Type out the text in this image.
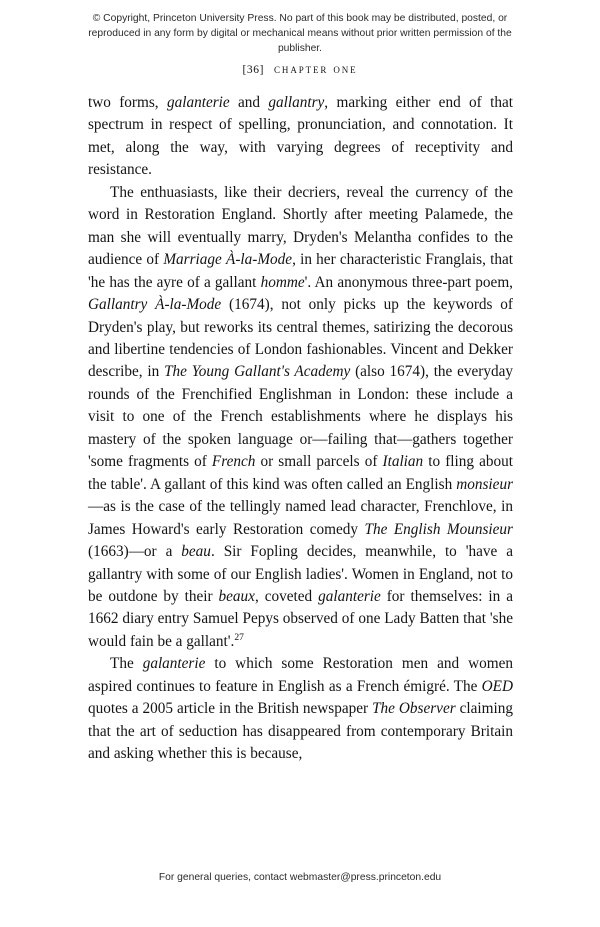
© Copyright, Princeton University Press. No part of this book may be distributed, posted, or reproduced in any form by digital or mechanical means without prior written permission of the publisher.
[36] chapter one

two forms, galanterie and gallantry, marking either end of that spectrum in respect of spelling, pronunciation, and connotation. It met, along the way, with varying degrees of receptivity and resistance.

The enthuasiasts, like their decriers, reveal the currency of the word in Restoration England. Shortly after meeting Palamede, the man she will eventually marry, Dryden's Melantha confides to the audience of Marriage À-la-Mode, in her characteristic Franglais, that 'he has the ayre of a gallant homme'. An anonymous three-part poem, Gallantry À-la-Mode (1674), not only picks up the keywords of Dryden's play, but reworks its central themes, satirizing the decorous and libertine tendencies of London fashionables. Vincent and Dekker describe, in The Young Gallant's Academy (also 1674), the everyday rounds of the Frenchified Englishman in London: these include a visit to one of the French establishments where he displays his mastery of the spoken language or—failing that—gathers together 'some fragments of French or small parcels of Italian to fling about the table'. A gallant of this kind was often called an English monsieur—as is the case of the tellingly named lead character, Frenchlove, in James Howard's early Restoration comedy The English Mounsieur (1663)—or a beau. Sir Fopling decides, meanwhile, to 'have a gallantry with some of our English ladies'. Women in England, not to be outdone by their beaux, coveted galanterie for themselves: in a 1662 diary entry Samuel Pepys observed of one Lady Batten that 'she would fain be a gallant'.$^{27}$

The galanterie to which some Restoration men and women aspired continues to feature in English as a French émigré. The OED quotes a 2005 article in the British newspaper The Observer claiming that the art of seduction has disappeared from contemporary Britain and asking whether this is because,

For general queries, contact webmaster@press.princeton.edu
